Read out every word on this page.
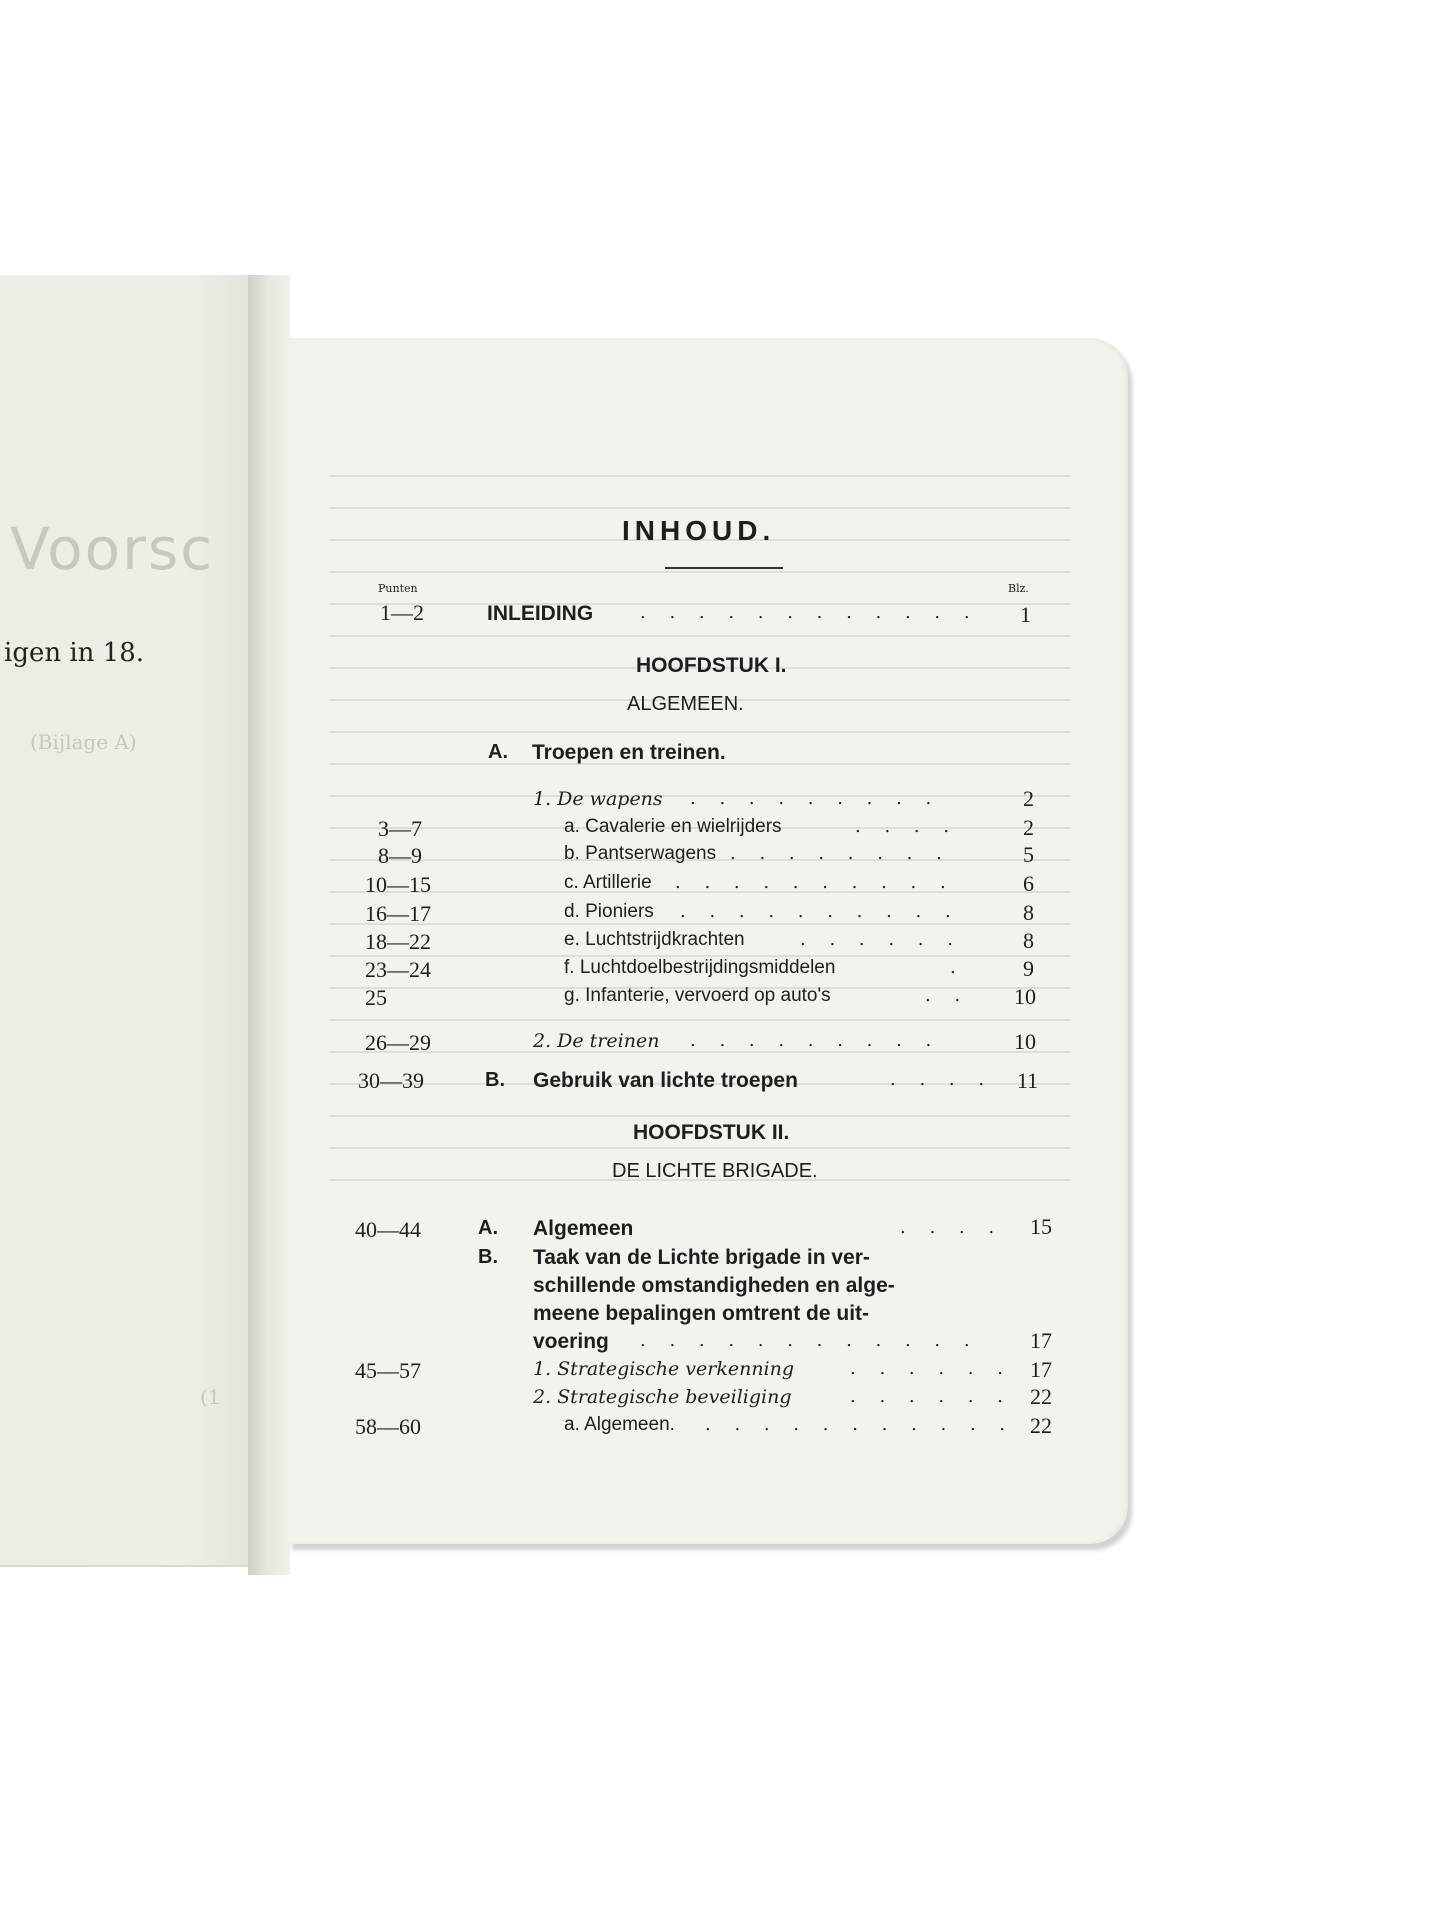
Voorsc
igen in 18.
(Bijlage A)
(1
INHOUD.
Punten	Blz.
1—2	INLEIDING	. . . . . . . . . . . . 1
HOOFDSTUK I.
ALGEMEEN.
A. Troepen en treinen.
1. De wapens . . . . . . . . .	2
3—7	a. Cavalerie en wielrijders	. . . .	2
8—9	b. Pantserwagens . . . . . . . .	5
10—15	c. Artillerie . . . . . . . . . .	6
16—17	d. Pioniers . . . . . . . . . .	8
18—22	e. Luchtstrijdkrachten	. . . . . .	8
23—24	f. Luchtdoelbestrijdingsmiddelen	.	9
25	g. Infanterie, vervoerd op auto's	. . 10
26—29	2. De treinen . . . . . . . . .	10
30—39	B. Gebruik van lichte troepen	. . . . 11
HOOFDSTUK II.
DE LICHTE BRIGADE.
40—44	A. Algemeen	. . . . 15
B. Taak van de Lichte brigade in ver-
schillende omstandigheden en alge-
meene bepalingen omtrent de uit-
voering . . . . . . . . . . . . 17
45—57	1. Strategische verkenning	. . . . . . 17
2. Strategische beveiliging	. . . . . . 22
58—60	a. Algemeen. . . . . . . . . . . . 22
